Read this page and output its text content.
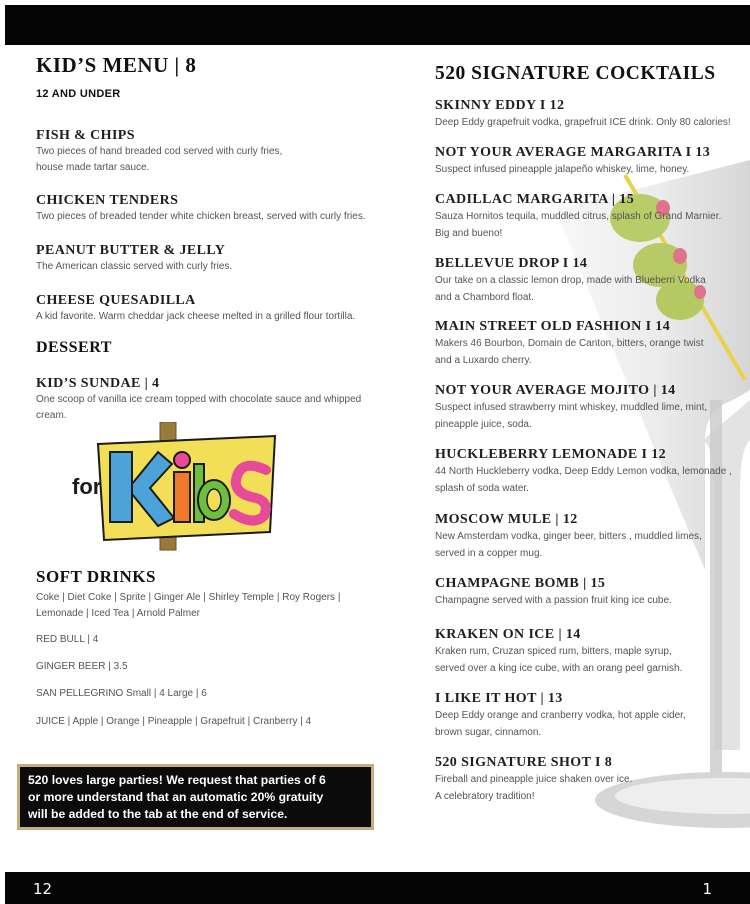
KID’S MENU | 8
12 AND UNDER
FISH & CHIPS
Two pieces of hand breaded cod served with curly fries,
house made tartar sauce.
CHICKEN TENDERS
Two pieces of breaded tender white chicken breast, served with curly fries.
PEANUT BUTTER & JELLY
The American classic served with curly fries.
CHEESE QUESADILLA
A kid favorite. Warm cheddar jack cheese melted in a grilled flour tortilla.
DESSERT
KID’S SUNDAE | 4
One scoop of vanilla ice cream topped with chocolate sauce and whipped
cream.
for
KidS
SOFT DRINKS
Coke | Diet Coke | Sprite | Ginger Ale | Shirley Temple | Roy Rogers |
Lemonade | Iced Tea | Arnold Palmer
RED BULL | 4
GINGER BEER | 3.5
SAN PELLEGRINO Small | 4 Large | 6
JUICE | Apple | Orange | Pineapple | Grapefruit | Cranberry | 4
520 loves large parties! We request that parties of 6
or more understand that an automatic 20% gratuity
will be added to the tab at the end of service.
520 SIGNATURE COCKTAILS
SKINNY EDDY I 12
Deep Eddy grapefruit vodka, grapefruit ICE drink. Only 80 calories!
NOT YOUR AVERAGE MARGARITA I 13
Suspect infused pineapple jalapeño whiskey, lime, honey.
CADILLAC MARGARITA | 15
Sauza Hornitos tequila, muddled citrus, splash of Grand Marnier.
Big and bueno!
BELLEVUE DROP I 14
Our take on a classic lemon drop, made with Blueberri Vodka
and a Chambord float.
MAIN STREET OLD FASHION I 14
Makers 46 Bourbon, Domain de Canton, bitters, orange twist
and a Luxardo cherry.
NOT YOUR AVERAGE MOJITO | 14
Suspect infused strawberry mint whiskey, muddled lime, mint,
pineapple juice, soda.
HUCKLEBERRY LEMONADE I 12
44 North Huckleberry vodka, Deep Eddy Lemon vodka, lemonade ,
splash of soda water.
MOSCOW MULE | 12
New Amsterdam vodka, ginger beer, bitters , muddled limes,
served in a copper mug.
CHAMPAGNE BOMB | 15
Champagne served with a passion fruit king ice cube.
KRAKEN ON ICE | 14
Kraken rum, Cruzan spiced rum, bitters, maple syrup,
served over a king ice cube, with an orang peel garnish.
I LIKE IT HOT | 13
Deep Eddy orange and cranberry vodka, hot apple cider,
brown sugar, cinnamon.
520 SIGNATURE SHOT I 8
Fireball and pineapple juice shaken over ice.
A celebratory tradition!
12	1
